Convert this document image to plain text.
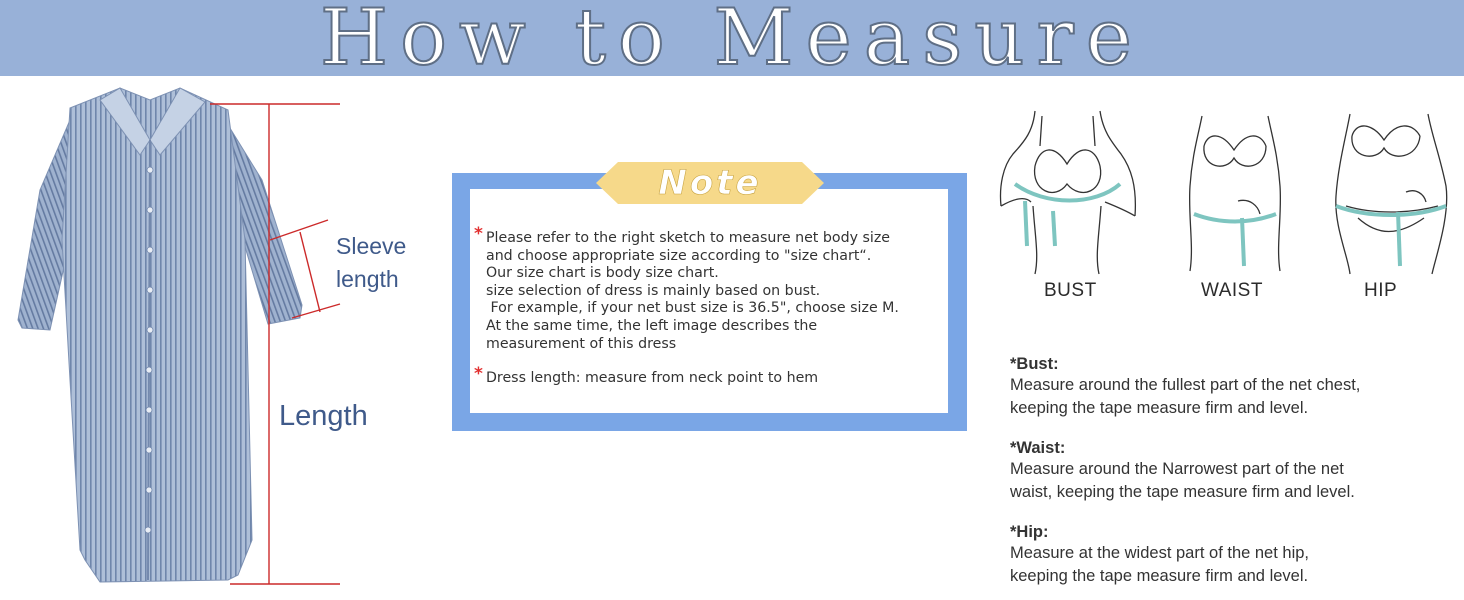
How to Measure
Sleeve
length
Length
Note
* Please refer to the right sketch to measure net body size
and choose appropriate size according to "size chart“.
Our size chart is body size chart.
size selection of dress is mainly based on bust.
For example, if your net bust size is 36.5", choose size M.
At the same time, the left image describes the
measurement of this dress
* Dress length: measure from neck point to hem
BUST	WAIST	HIP
*Bust:
Measure around the fullest part of the net chest,
keeping the tape measure firm and level.
*Waist:
Measure around the Narrowest part of the net
waist, keeping the tape measure firm and level.
*Hip:
Measure at the widest part of the net hip,
keeping the tape measure firm and level.
